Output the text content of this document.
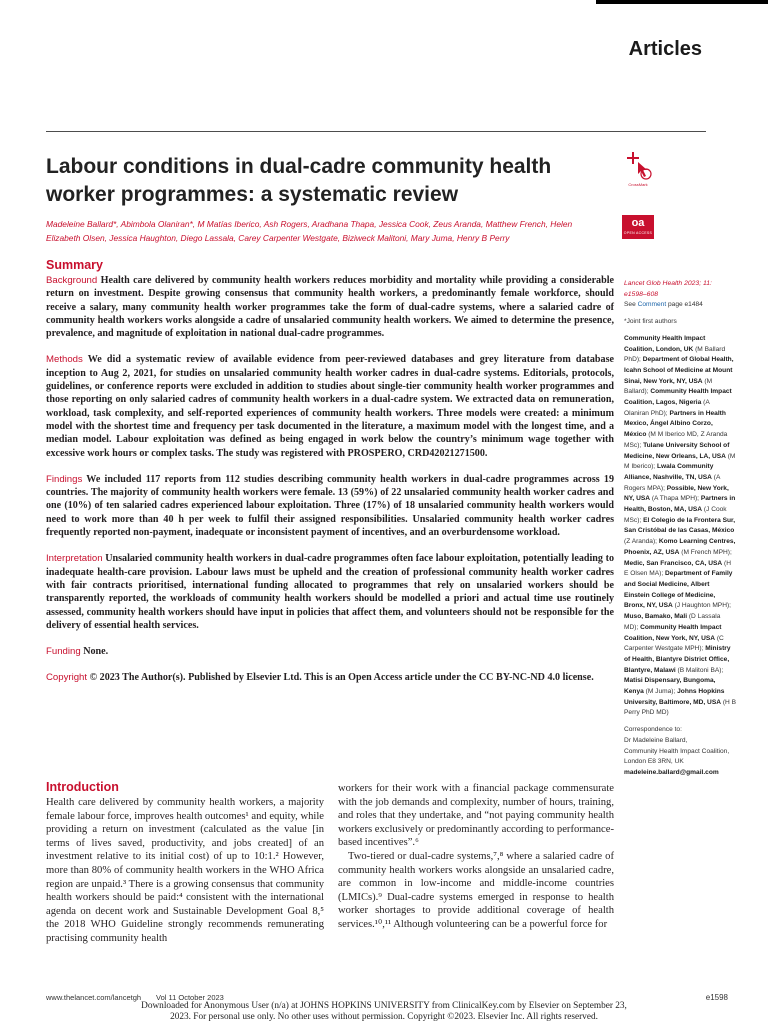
Articles
Labour conditions in dual-cadre community health worker programmes: a systematic review	CrossMark
oa
OPEN ACCESS
Madeleine Ballard*, Abimbola Olaniran*, M Matías Iberico, Ash Rogers, Aradhana Thapa, Jessica Cook, Zeus Aranda, Matthew French, Helen Elizabeth Olsen, Jessica Haughton, Diego Lassala, Carey Carpenter Westgate, Biziweck Malitoni, Mary Juma, Henry B Perry
Summary

Background Health care delivered by community health workers reduces morbidity and mortality while providing a considerable return on investment. Despite growing consensus that community health workers, a predominantly female workforce, should receive a salary, many community health worker programmes take the form of dual-cadre systems, where a salaried cadre of community health workers works alongside a cadre of unsalaried community health workers. We aimed to determine the presence, prevalence, and magnitude of exploitation in national dual-cadre programmes.

Methods We did a systematic review of available evidence from peer-reviewed databases and grey literature from database inception to Aug 2, 2021, for studies on unsalaried community health worker cadres in dual-cadre systems. Editorials, protocols, guidelines, or conference reports were excluded in addition to studies about single-tier community health worker programmes and those reporting on only salaried cadres of community health workers in a dual-cadre system. We extracted data on remuneration, workload, task complexity, and self-reported experiences of community health workers. Three models were created: a minimum model with the shortest time and frequency per task documented in the literature, a maximum model with the longest time, and a median model. Labour exploitation was defined as being engaged in work below the country’s minimum wage together with excessive work hours or complex tasks. The study was registered with PROSPERO, CRD42021271500.

Findings We included 117 reports from 112 studies describing community health workers in dual-cadre programmes across 19 countries. The majority of community health workers were female. 13 (59%) of 22 unsalaried community health worker cadres and one (10%) of ten salaried cadres experienced labour exploitation. Three (17%) of 18 unsalaried community health workers would need to work more than 40 h per week to fulfil their assigned responsibilities. Unsalaried community health worker cadres frequently reported non-payment, inadequate or inconsistent payment of incentives, and an overburdensome workload.

Interpretation Unsalaried community health workers in dual-cadre programmes often face labour exploitation, potentially leading to inadequate health-care provision. Labour laws must be upheld and the creation of professional community health worker cadres with fair contracts prioritised, international funding allocated to programmes that rely on unsalaried workers should be transparently reported, the workloads of community health workers should be modelled a priori and actual time use routinely assessed, community health workers should have input in policies that affect them, and volunteers should not be responsible for the delivery of essential health services.

Funding None.

Copyright © 2023 The Author(s). Published by Elsevier Ltd. This is an Open Access article under the CC BY-NC-ND 4.0 license.

Introduction

Health care delivered by community health workers, a majority female labour force, improves health outcomes¹ and equity, while providing a return on investment (calculated as the value [in terms of lives saved, productivity, and jobs created] of an investment relative to its initial cost) of up to 10:1.² However, more than 80% of community health workers in the WHO Africa region are unpaid.³ There is a growing consensus that community health workers should be paid:⁴ consistent with the international agenda on decent work and Sustainable Development Goal 8,⁵ the 2018 WHO Guideline strongly recommends remunerating practising community health

workers for their work with a financial package commensurate with the job demands and complexity, number of hours, training, and roles that they undertake, and “not paying community health workers exclusively or predominantly according to performance-based incentives”.⁶

Two-tiered or dual-cadre systems,⁷,⁸ where a salaried cadre of community health workers works alongside an unsalaried cadre, are common in low-income and middle-income countries (LMICs).⁹ Dual-cadre systems emerged in response to health worker shortages to provide additional coverage of health services.¹⁰,¹¹ Although volunteering can be a powerful force for

Lancet Glob Health 2023; 11: e1598–608
See Comment page e1484
*Joint first authors
Community Health Impact Coalition, London, UK (M Ballard PhD); Department of Global Health, Icahn School of Medicine at Mount Sinai, New York, NY, USA (M Ballard); Community Health Impact Coalition, Lagos, Nigeria (A Olaniran PhD); Partners in Health Mexico, Ángel Albino Corzo, México (M M Iberico MD, Z Aranda MSc); Tulane University School of Medicine, New Orleans, LA, USA (M M Iberico); Lwala Community Alliance, Nashville, TN, USA (A Rogers MPA); Possible, New York, NY, USA (A Thapa MPH); Partners in Health, Boston, MA, USA (J Cook MSc); El Colegio de la Frontera Sur, San Cristóbal de las Casas, México (Z Aranda); Komo Learning Centres, Phoenix, AZ, USA (M French MPH); Medic, San Francisco, CA, USA (H E Olsen MA); Department of Family and Social Medicine, Albert Einstein College of Medicine, Bronx, NY, USA (J Haughton MPH); Muso, Bamako, Mali (D Lassala MD); Community Health Impact Coalition, New York, NY, USA (C Carpenter Westgate MPH); Ministry of Health, Blantyre District Office, Blantyre, Malawi (B Malitoni BA); Matisi Dispensary, Bungoma, Kenya (M Juma); Johns Hopkins University, Baltimore, MD, USA (H B Perry PhD MD)
Correspondence to:
Dr Madeleine Ballard,
Community Health Impact Coalition, London E8 3RN, UK
madeleine.ballard@gmail.com
www.thelancet.com/lancetgh Vol 11 October 2023	e1598
Downloaded for Anonymous User (n/a) at JOHNS HOPKINS UNIVERSITY from ClinicalKey.com by Elsevier on September 23, 2023. For personal use only. No other uses without permission. Copyright ©2023. Elsevier Inc. All rights reserved.
